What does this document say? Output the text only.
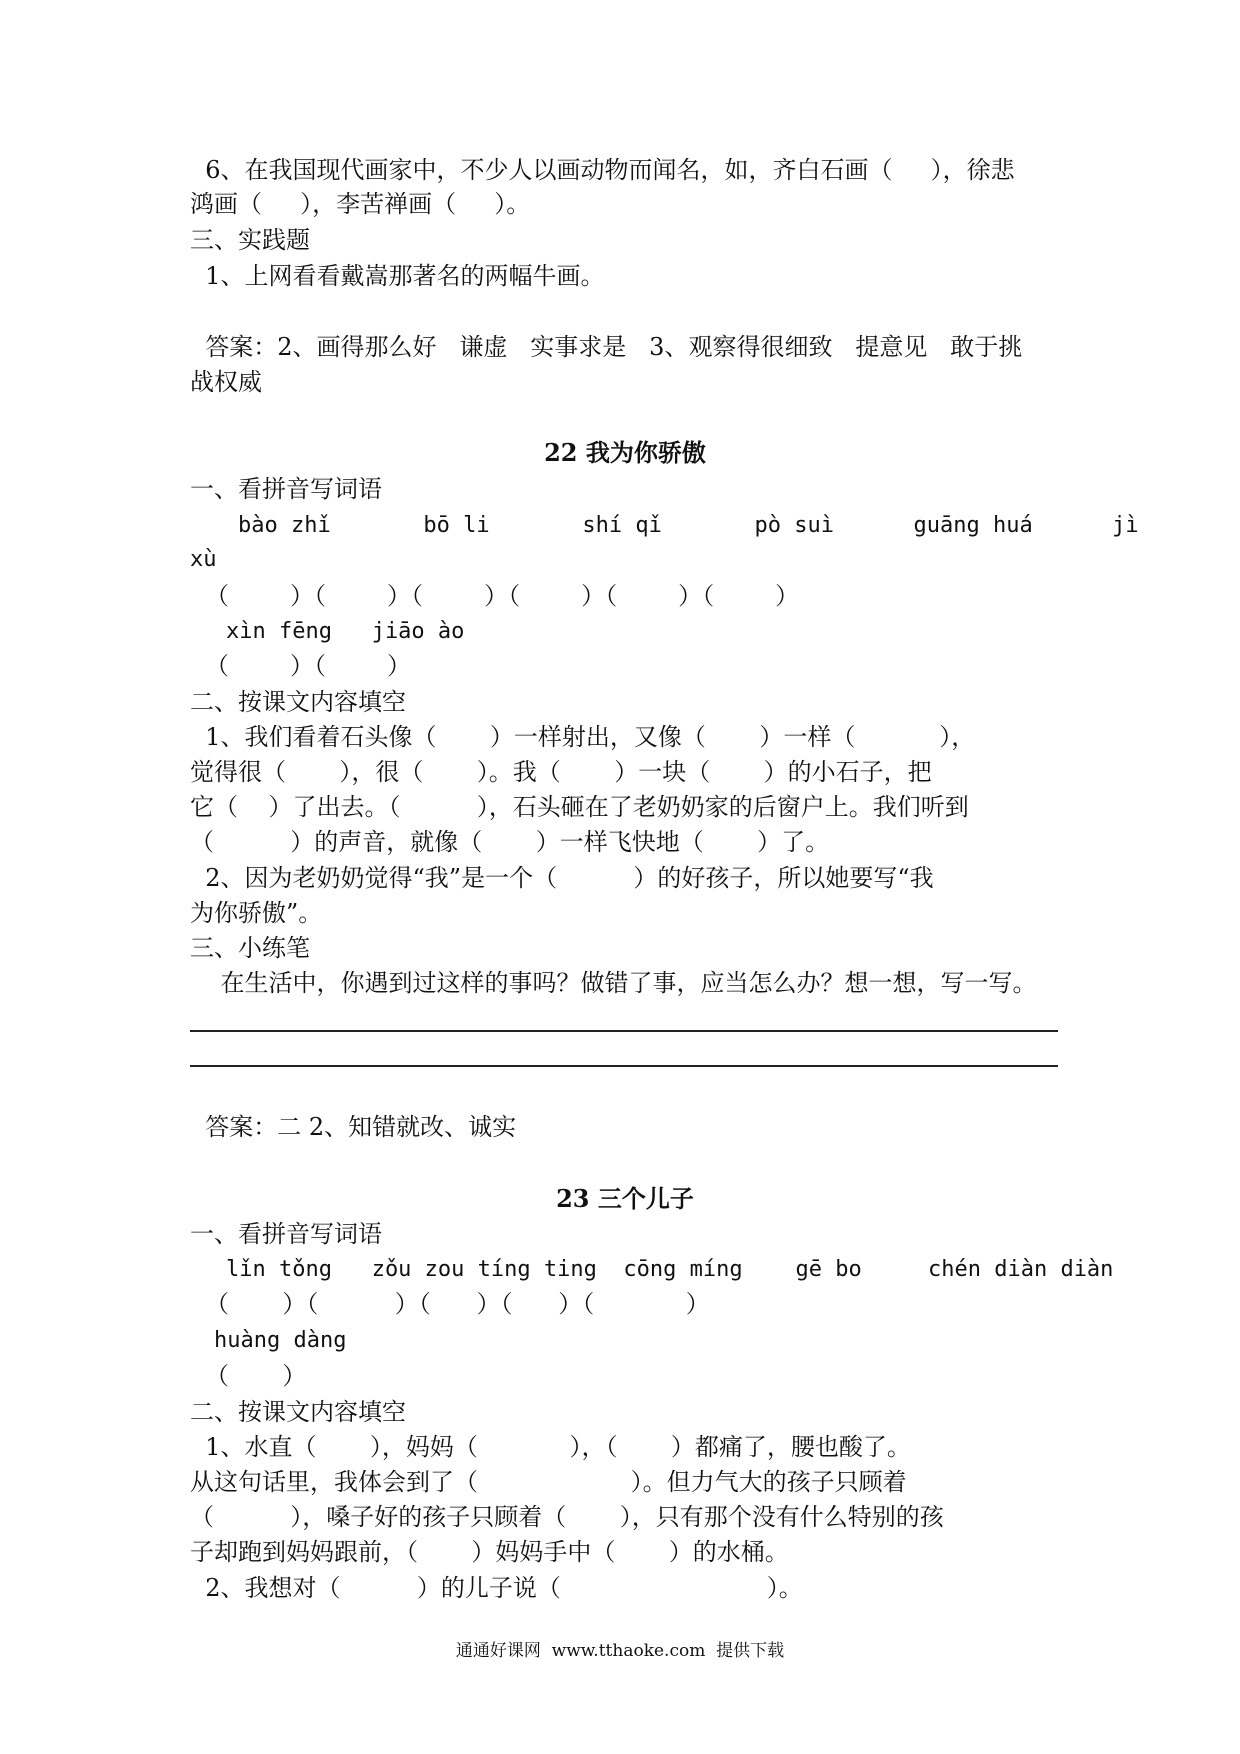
6、在我国现代画家中，不少人以画动物而闻名，如，齐白石画（     ），徐悲
鸿画（     ），李苦禅画（     ）。
三、实践题
1、上网看看戴嵩那著名的两幅牛画。
答案：2、画得那么好   谦虚   实事求是   3、观察得很细致   提意见   敢于挑
战权威
22 我为你骄傲
一、看拼音写词语
bào zhǐ       bō li       shí qǐ       pò suì      guāng huá      jì
xù
（        ）（        ）（        ）（        ）（        ）（        ）
xìn fēng   jiāo ào
（        ）（        ）
二、按课文内容填空
1、我们看着石头像（       ）一样射出，又像（       ）一样（           ），
觉得很（       ），很（       ）。我（       ）一块（       ）的小石子，把
它（    ）了出去。（          ），石头砸在了老奶奶家的后窗户上。我们听到
（          ）的声音，就像（       ）一样飞快地（       ）了。
2、因为老奶奶觉得“我”是一个（          ）的好孩子，所以她要写“我
为你骄傲”。
三、小练笔
在生活中，你遇到过这样的事吗？做错了事，应当怎么办？想一想，写一写。
答案：二 2、知错就改、诚实
23 三个儿子
一、看拼音写词语
lǐn tǒng   zǒu zou tíng ting  cōng míng    gē bo     chén diàn diàn
（       ）（          ）（      ）（      ）（            ）
huàng dàng
（       ）
二、按课文内容填空
1、水直（       ），妈妈（            ），（       ）都痛了，腰也酸了。
从这句话里，我体会到了（                    ）。但力气大的孩子只顾着
（          ），嗓子好的孩子只顾着（       ），只有那个没有什么特别的孩
子却跑到妈妈跟前，（       ）妈妈手中（       ）的水桶。
2、我想对（          ）的儿子说（                           ）。
通通好课网  www.tthaoke.com  提供下载
